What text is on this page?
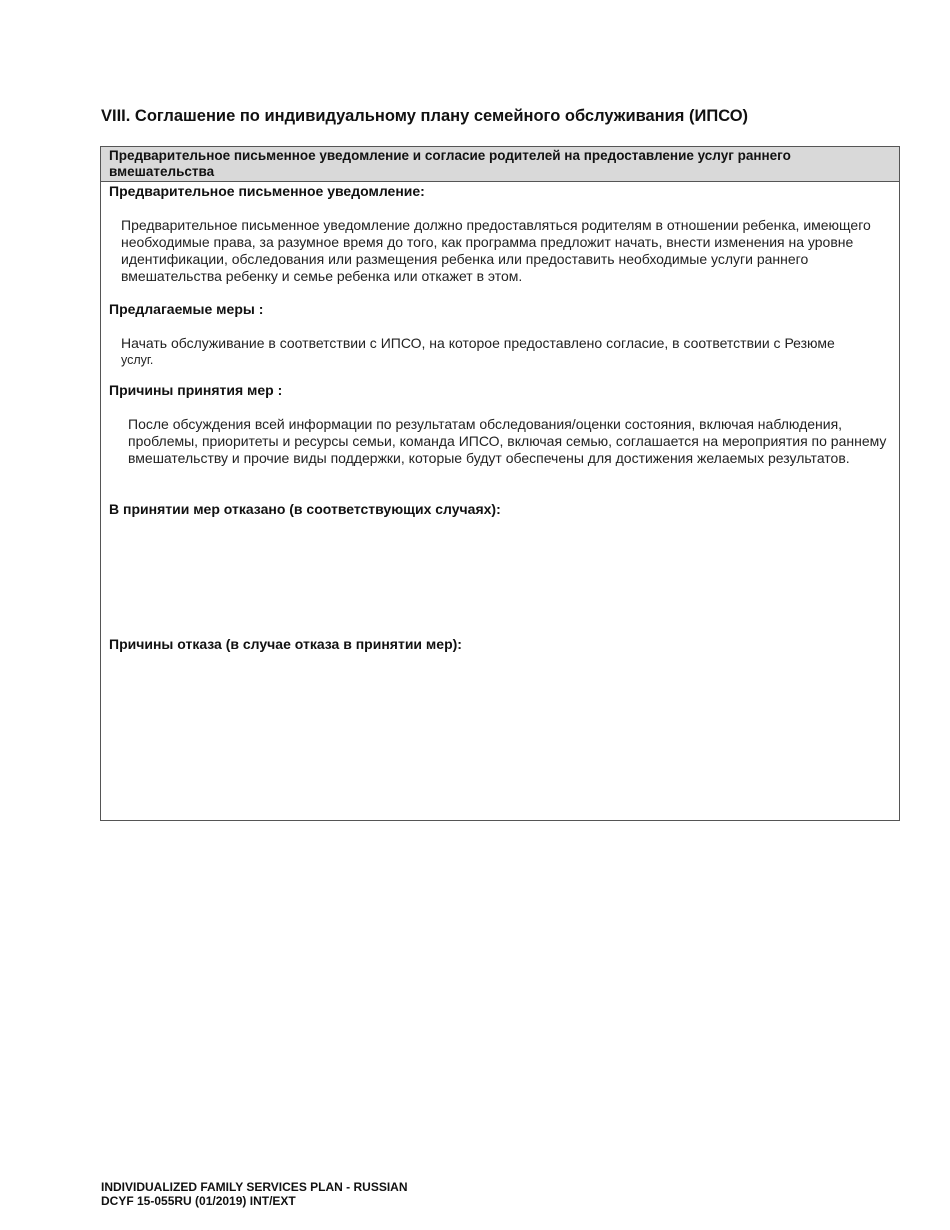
VIII. Соглашение по индивидуальному плану семейного обслуживания (ИПСО)
Предварительное письменное уведомление и согласие родителей на предоставление услуг раннего вмешательства
Предварительное письменное уведомление:
Предварительное письменное уведомление должно предоставляться родителям в отношении ребенка, имеющего необходимые права, за разумное время до того, как программа предложит начать, внести изменения на уровне идентификации, обследования или размещения ребенка или предоставить необходимые услуги раннего вмешательства ребенку и семье ребенка или откажет в этом.
Предлагаемые меры :
Начать обслуживание в соответствии с ИПСО, на которое предоставлено согласие, в соответствии с Резюме
услуг.
Причины принятия мер :
После обсуждения всей информации по результатам обследования/оценки состояния, включая наблюдения, проблемы, приоритеты и ресурсы семьи, команда ИПСО, включая семью, соглашается на мероприятия по раннему вмешательству и прочие виды поддержки, которые будут обеспечены для достижения желаемых результатов.
В принятии мер отказано (в соответствующих случаях):
Причины отказа (в случае отказа в принятии мер):
INDIVIDUALIZED FAMILY SERVICES PLAN - RUSSIAN
DCYF 15-055RU (01/2019) INT/EXT
